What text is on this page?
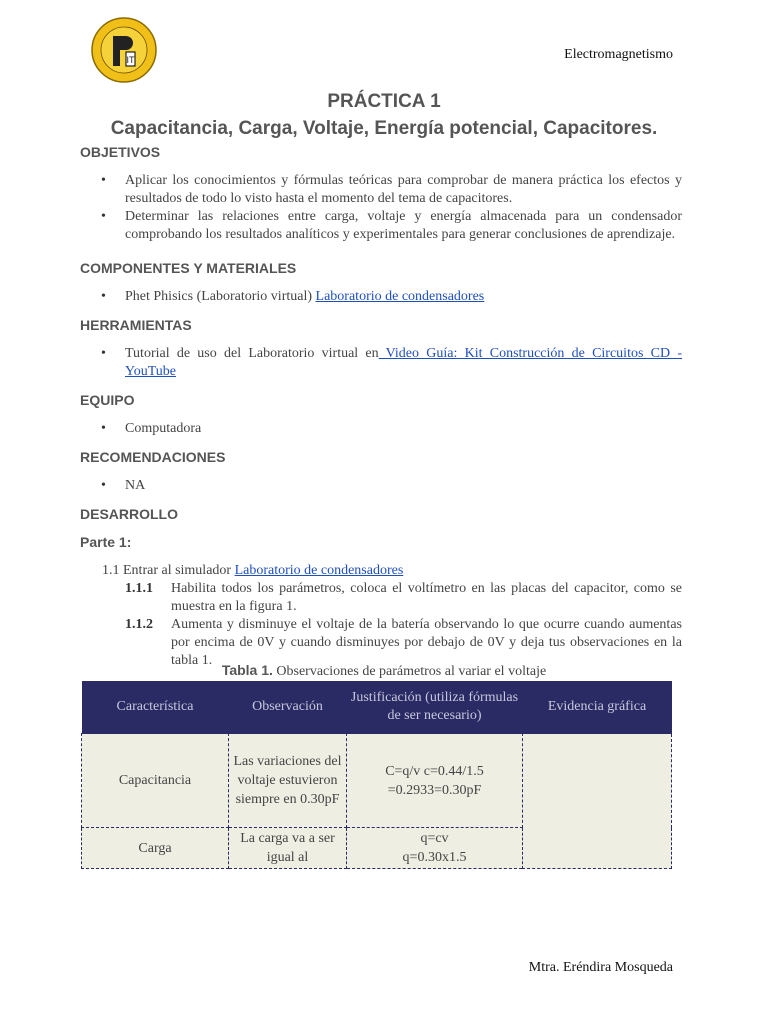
IT	Electromagnetismo
PRÁCTICA 1
Capacitancia, Carga, Voltaje, Energía potencial, Capacitores.

OBJETIVOS

• Aplicar los conocimientos y fórmulas teóricas para comprobar de manera práctica los efectos y resultados de todo lo visto hasta el momento del tema de capacitores.
• Determinar las relaciones entre carga, voltaje y energía almacenada para un condensador comprobando los resultados analíticos y experimentales para generar conclusiones de aprendizaje.

COMPONENTES Y MATERIALES

• Phet Phisics (Laboratorio virtual) Laboratorio de condensadores

HERRAMIENTAS

• Tutorial de uso del Laboratorio virtual en Video Guía: Kit Construcción de Circuitos CD - YouTube

EQUIPO

• Computadora

RECOMENDACIONES

• NA

DESARROLLO

Parte 1:

1.1 Entrar al simulador Laboratorio de condensadores
1.1.1 Habilita todos los parámetros, coloca el voltímetro en las placas del capacitor, como se muestra en la figura 1.
1.1.2 Aumenta y disminuye el voltaje de la batería observando lo que ocurre cuando aumentas por encima de 0V y cuando disminuyes por debajo de 0V y deja tus observaciones en la tabla 1.
Tabla 1. Observaciones de parámetros al variar el voltaje
Característica	Observación	Justificación (utiliza fórmulas de ser necesario)	Evidencia gráfica
Capacitancia	Las variaciones del voltaje estuvieron siempre en 0.30pF	C=q/v c=0.44/1.5 =0.2933=0.30pF	
Carga	La carga va a ser igual al	q=cv q=0.30x1.5	
Mtra. Eréndira Mosqueda
